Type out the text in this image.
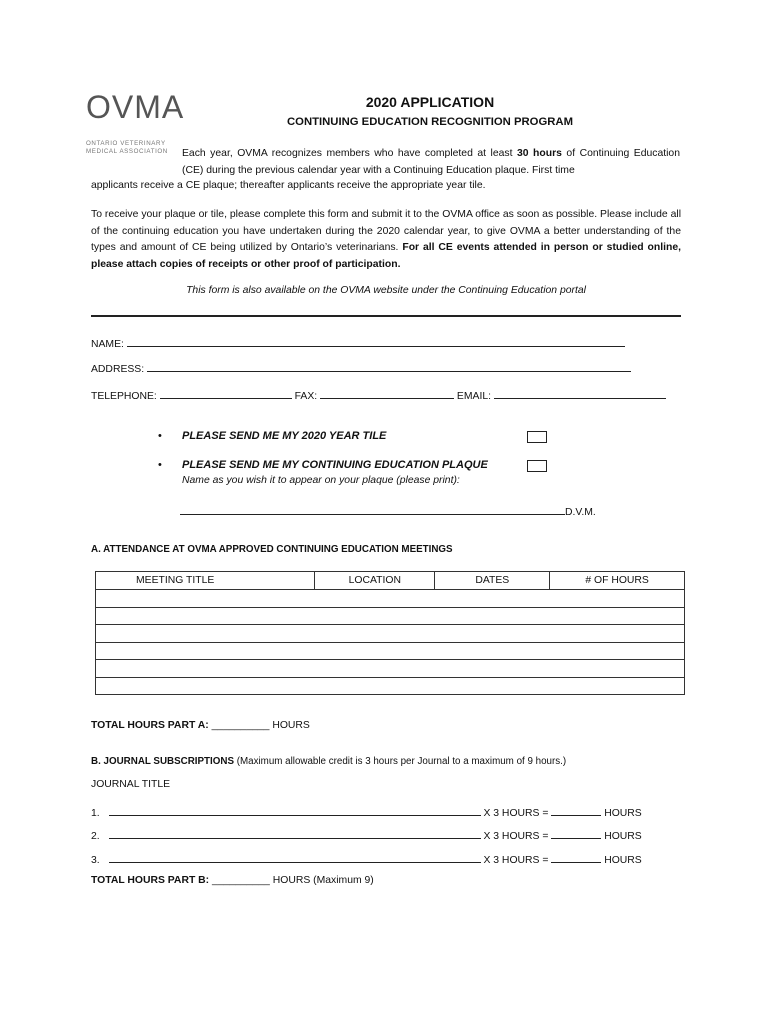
OVMA
ONTARIO VETERINARY
MEDICAL ASSOCIATION
2020 APPLICATION
CONTINUING EDUCATION RECOGNITION PROGRAM
Each year, OVMA recognizes members who have completed at least 30 hours of Continuing Education (CE) during the previous calendar year with a Continuing Education plaque. First time
applicants receive a CE plaque; thereafter applicants receive the appropriate year tile.
To receive your plaque or tile, please complete this form and submit it to the OVMA office as soon as possible. Please include all of the continuing education you have undertaken during the 2020 calendar year, to give OVMA a better understanding of the types and amount of CE being utilized by Ontario’s veterinarians. For all CE events attended in person or studied online, please attach copies of receipts or other proof of participation.
This form is also available on the OVMA website under the Continuing Education portal
NAME:
ADDRESS:
TELEPHONE:	FAX:	EMAIL:
• PLEASE SEND ME MY 2020 YEAR TILE
• PLEASE SEND ME MY CONTINUING EDUCATION PLAQUE
Name as you wish it to appear on your plaque (please print):
D.V.M.
A. ATTENDANCE AT OVMA APPROVED CONTINUING EDUCATION MEETINGS
MEETING TITLE	LOCATION	DATES	# OF HOURS

TOTAL HOURS PART A: __________ HOURS
B. JOURNAL SUBSCRIPTIONS (Maximum allowable credit is 3 hours per Journal to a maximum of 9 hours.)
JOURNAL TITLE
1.	X 3 HOURS =	HOURS
2.	X 3 HOURS =	HOURS
3.	X 3 HOURS =	HOURS
TOTAL HOURS PART B: __________ HOURS (Maximum 9)
